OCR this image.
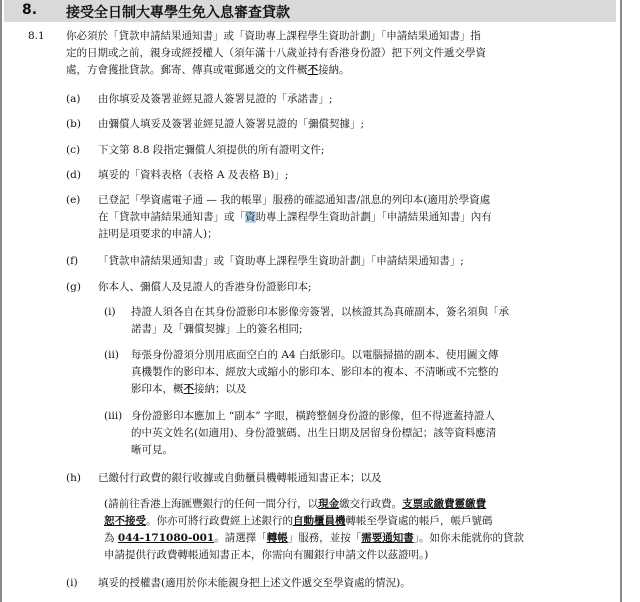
8. 接受全日制大專學生免入息審查貸款
8.1 你必須於「貸款申請結果通知書」或「資助專上課程學生資助計劃」「申請結果通知書」指
定的日期或之前，親身或經授權人（須年滿十八歲並持有香港身份證）把下列文件遞交學資
處，方會獲批貸款。郵寄、傳真或電郵遞交的文件概不接納。
(a) 由你填妥及簽署並經見證人簽署見證的「承諾書」;
(b) 由彌償人填妥及簽署並經見證人簽署見證的「彌償契據」;
(c) 下文第 8.8 段指定彌償人須提供的所有證明文件;
(d) 填妥的「資料表格（表格 A 及表格 B)」;
(e) 已登記「學資處電子通 — 我的帳單」服務的確認通知書/訊息的列印本(適用於學資處
在「貸款申請結果通知書」或「資助專上課程學生資助計劃」「申請結果通知書」內有
註明是項要求的申請人)；
(f) 「貸款申請結果通知書」或「資助專上課程學生資助計劃」「申請結果通知書」;
(g) 你本人、彌償人及見證人的香港身份證影印本;
(i) 持證人須各自在其身份證影印本影像旁簽署，以核證其為真確副本，簽名須與「承
諾書」及「彌償契據」上的簽名相同;
(ii) 每張身份證須分別用底面空白的 A4 白紙影印。以電腦掃描的副本、使用圖文傳
真機製作的影印本、經放大或縮小的影印本、影印本的複本、不清晰或不完整的
影印本，概不接納；以及
(iii) 身份證影印本應加上 “副本” 字眼，橫跨整個身份證的影像，但不得遮蓋持證人
的中英文姓名(如適用)、身份證號碼、出生日期及居留身份標記；該等資料應清
晰可見。
(h) 已繳付行政費的銀行收據或自動櫃員機轉帳通知書正本；以及
(請前往香港上海匯豐銀行的任何一間分行，以現金繳交行政費。支票或繳費靈繳費
恕不接受。你亦可將行政費經上述銀行的自動櫃員機轉帳至學資處的帳戶，帳戶號碼
為 044-171080-001。請選擇「轉帳」服務，並按「需要通知書」。如你未能就你的貸款
申請提供行政費轉帳通知書正本，你需向有關銀行申請文件以茲證明。)
(i) 填妥的授權書(適用於你未能親身把上述文件遞交至學資處的情況)。
